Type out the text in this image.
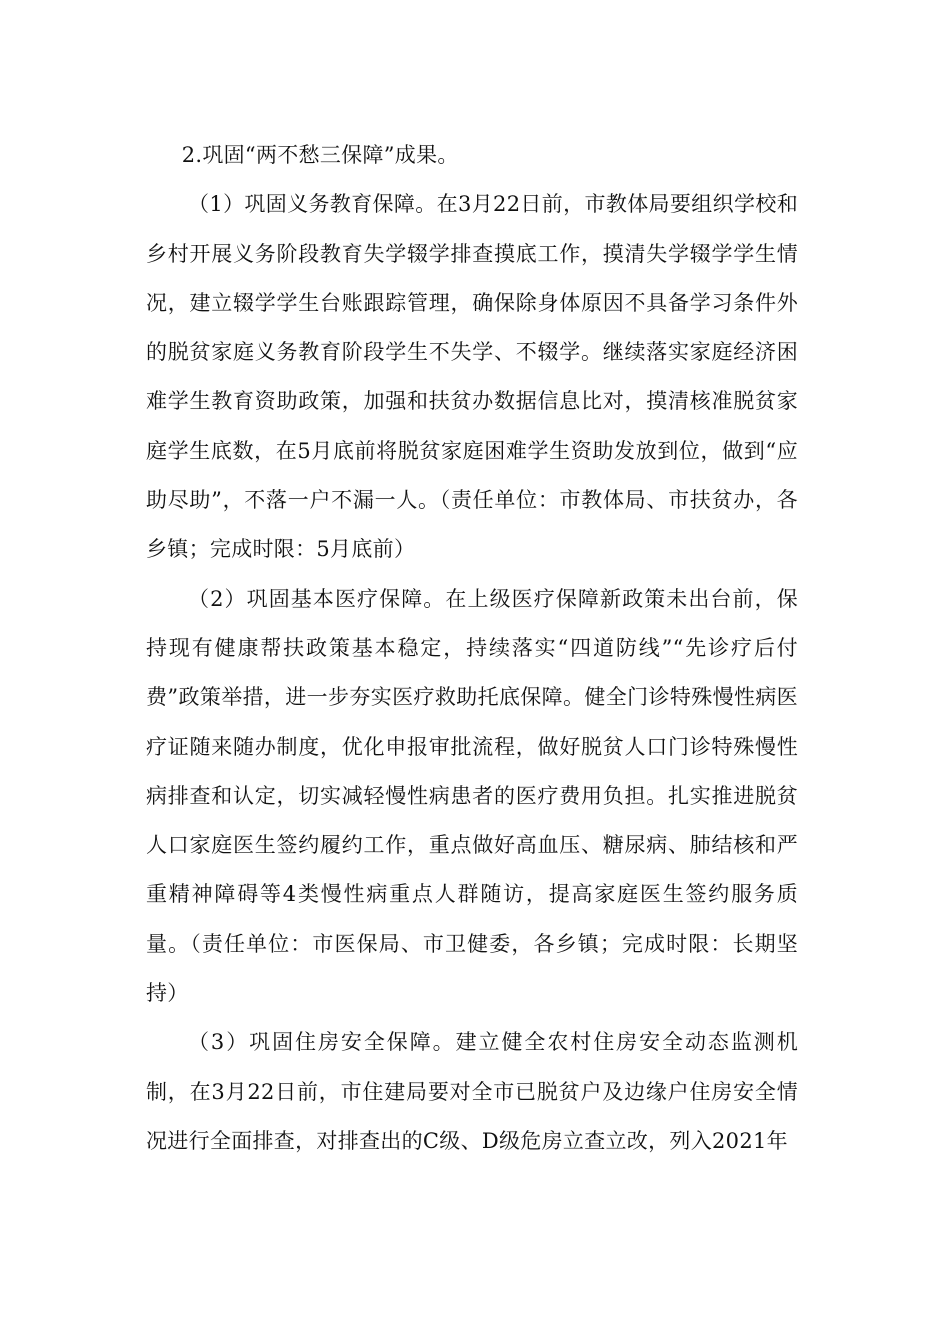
2.巩固“两不愁三保障”成果。

（1）巩固义务教育保障。在3月22日前，市教体局要组织学校和乡村开展义务阶段教育失学辍学排查摸底工作，摸清失学辍学学生情况，建立辍学学生台账跟踪管理，确保除身体原因不具备学习条件外的脱贫家庭义务教育阶段学生不失学、不辍学。继续落实家庭经济困难学生教育资助政策，加强和扶贫办数据信息比对，摸清核准脱贫家庭学生底数，在5月底前将脱贫家庭困难学生资助发放到位，做到“应助尽助”，不落一户不漏一人。（责任单位：市教体局、市扶贫办，各乡镇；完成时限：5月底前）

（2）巩固基本医疗保障。在上级医疗保障新政策未出台前，保持现有健康帮扶政策基本稳定，持续落实“四道防线”“先诊疗后付费”政策举措，进一步夯实医疗救助托底保障。健全门诊特殊慢性病医疗证随来随办制度，优化申报审批流程，做好脱贫人口门诊特殊慢性病排查和认定，切实减轻慢性病患者的医疗费用负担。扎实推进脱贫人口家庭医生签约履约工作，重点做好高血压、糖尿病、肺结核和严重精神障碍等4类慢性病重点人群随访，提高家庭医生签约服务质量。（责任单位：市医保局、市卫健委，各乡镇；完成时限：长期坚持）

（3）巩固住房安全保障。建立健全农村住房安全动态监测机制，在3月22日前，市住建局要对全市已脱贫户及边缘户住房安全情况进行全面排查，对排查出的C级、D级危房立查立改，列入2021年
